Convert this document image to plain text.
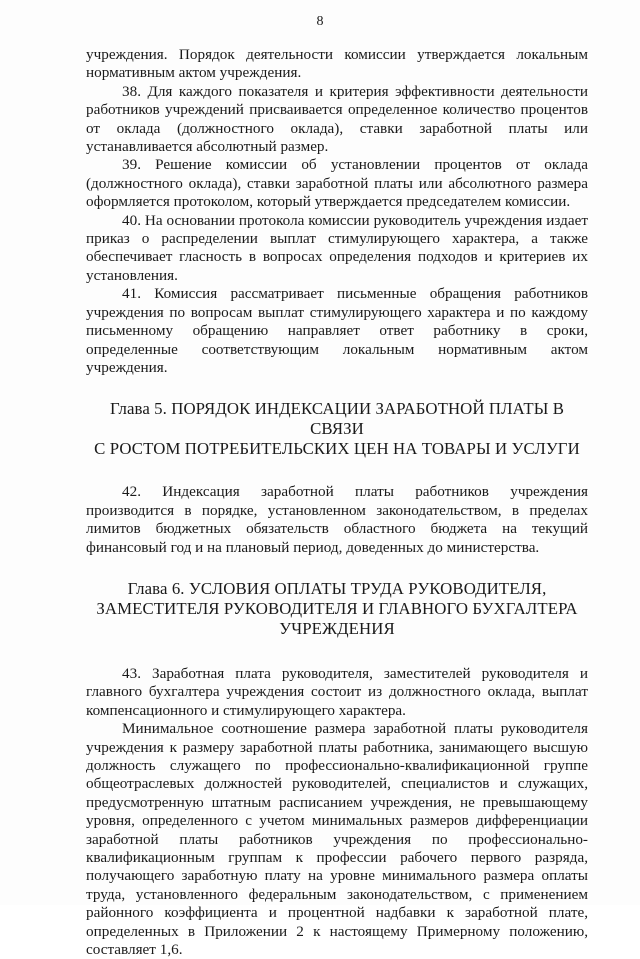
8

учреждения. Порядок деятельности комиссии утверждается локальным нормативным актом учреждения.

38. Для каждого показателя и критерия эффективности деятельности работников учреждений присваивается определенное количество процентов от оклада (должностного оклада), ставки заработной платы или устанавливается абсолютный размер.

39. Решение комиссии об установлении процентов от оклада (должностного оклада), ставки заработной платы или абсолютного размера оформляется протоколом, который утверждается председателем комиссии.

40. На основании протокола комиссии руководитель учреждения издает приказ о распределении выплат стимулирующего характера, а также обеспечивает гласность в вопросах определения подходов и критериев их установления.

41. Комиссия рассматривает письменные обращения работников учреждения по вопросам выплат стимулирующего характера и по каждому письменному обращению направляет ответ работнику в сроки, определенные соответствующим локальным нормативным актом учреждения.

Глава 5. ПОРЯДОК ИНДЕКСАЦИИ ЗАРАБОТНОЙ ПЛАТЫ В СВЯЗИ
С РОСТОМ ПОТРЕБИТЕЛЬСКИХ ЦЕН НА ТОВАРЫ И УСЛУГИ

42. Индексация заработной платы работников учреждения производится в порядке, установленном законодательством, в пределах лимитов бюджетных обязательств областного бюджета на текущий финансовый год и на плановый период, доведенных до министерства.

Глава 6. УСЛОВИЯ ОПЛАТЫ ТРУДА РУКОВОДИТЕЛЯ,
ЗАМЕСТИТЕЛЯ РУКОВОДИТЕЛЯ И ГЛАВНОГО БУХГАЛТЕРА
УЧРЕЖДЕНИЯ

43. Заработная плата руководителя, заместителей руководителя и главного бухгалтера учреждения состоит из должностного оклада, выплат компенсационного и стимулирующего характера.

Минимальное соотношение размера заработной платы руководителя учреждения к размеру заработной платы работника, занимающего высшую должность служащего по профессионально-квалификационной группе общеотраслевых должностей руководителей, специалистов и служащих, предусмотренную штатным расписанием учреждения, не превышающему уровня, определенного с учетом минимальных размеров дифференциации заработной платы работников учреждения по профессионально-квалификационным группам к профессии рабочего первого разряда, получающего заработную плату на уровне минимального размера оплаты труда, установленного федеральным законодательством, с применением районного коэффициента и процентной надбавки к заработной плате, определенных в Приложении 2 к настоящему Примерному положению, составляет 1,6.
